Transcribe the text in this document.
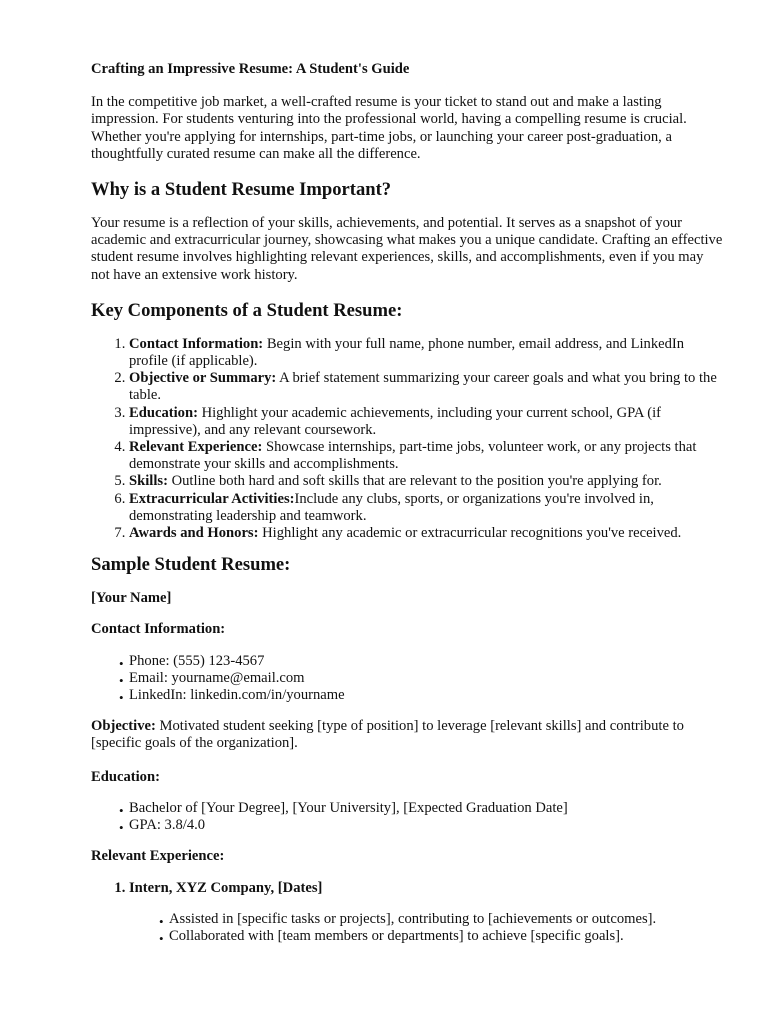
Crafting an Impressive Resume: A Student's Guide

In the competitive job market, a well-crafted resume is your ticket to stand out and make a lasting impression. For students venturing into the professional world, having a compelling resume is crucial. Whether you're applying for internships, part-time jobs, or launching your career post-graduation, a thoughtfully curated resume can make all the difference.

Why is a Student Resume Important?

Your resume is a reflection of your skills, achievements, and potential. It serves as a snapshot of your academic and extracurricular journey, showcasing what makes you a unique candidate. Crafting an effective student resume involves highlighting relevant experiences, skills, and accomplishments, even if you may not have an extensive work history.

Key Components of a Student Resume:
1. Contact Information: Begin with your full name, phone number, email address, and LinkedIn profile (if applicable).
2. Objective or Summary: A brief statement summarizing your career goals and what you bring to the table.
3. Education: Highlight your academic achievements, including your current school, GPA (if impressive), and any relevant coursework.
4. Relevant Experience: Showcase internships, part-time jobs, volunteer work, or any projects that demonstrate your skills and accomplishments.
5. Skills: Outline both hard and soft skills that are relevant to the position you're applying for.
6. Extracurricular Activities:Include any clubs, sports, or organizations you're involved in, demonstrating leadership and teamwork.
7. Awards and Honors: Highlight any academic or extracurricular recognitions you've received.
Sample Student Resume:

[Your Name]

Contact Information:

• Phone: (555) 123-4567
• Email: yourname@email.com
• LinkedIn: linkedin.com/in/yourname

Objective: Motivated student seeking [type of position] to leverage [relevant skills] and contribute to [specific goals of the organization].

Education:

• Bachelor of [Your Degree], [Your University], [Expected Graduation Date]
• GPA: 3.8/4.0

Relevant Experience:

1. Intern, XYZ Company, [Dates]
• Assisted in [specific tasks or projects], contributing to [achievements or outcomes].
• Collaborated with [team members or departments] to achieve [specific goals].
